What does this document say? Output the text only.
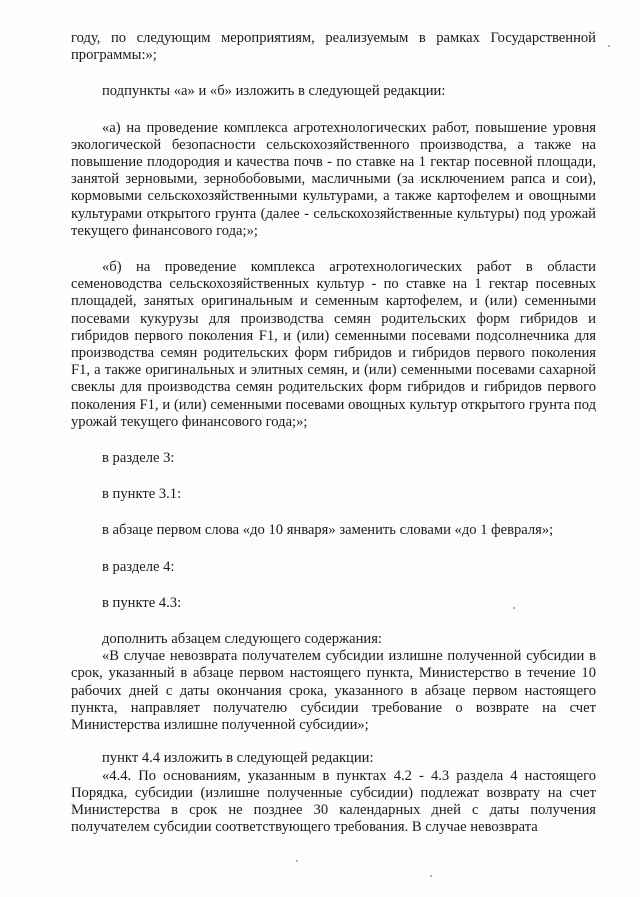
году, по следующим мероприятиям, реализуемым в рамках Государственной программы:»;

подпункты «а» и «б» изложить в следующей редакции:

«а) на проведение комплекса агротехнологических работ, повышение уровня экологической безопасности сельскохозяйственного производства, а также на повышение плодородия и качества почв - по ставке на 1 гектар посевной площади, занятой зерновыми, зернобобовыми, масличными (за исключением рапса и сои), кормовыми сельскохозяйственными культурами, а также картофелем и овощными культурами открытого грунта (далее - сельскохозяйственные культуры) под урожай текущего финансового года;»;

«б) на проведение комплекса агротехнологических работ в области семеноводства сельскохозяйственных культур - по ставке на 1 гектар посевных площадей, занятых оригинальным и семенным картофелем, и (или) семенными посевами кукурузы для производства семян родительских форм гибридов и гибридов первого поколения F1, и (или) семенными посевами подсолнечника для производства семян родительских форм гибридов и гибридов первого поколения F1, а также оригинальных и элитных семян, и (или) семенными посевами сахарной свеклы для производства семян родительских форм гибридов и гибридов первого поколения F1, и (или) семенными посевами овощных культур открытого грунта под урожай текущего финансового года;»;

в разделе 3:

в пункте 3.1:

в абзаце первом слова «до 10 января» заменить словами «до 1 февраля»;

в разделе 4:

в пункте 4.3:

дополнить абзацем следующего содержания:

«В случае невозврата получателем субсидии излишне полученной субсидии в срок, указанный в абзаце первом настоящего пункта, Министерство в течение 10 рабочих дней с даты окончания срока, указанного в абзаце первом настоящего пункта, направляет получателю субсидии требование о возврате на счет Министерства излишне полученной субсидии»;

пункт 4.4 изложить в следующей редакции:

«4.4. По основаниям, указанным в пунктах 4.2 - 4.3 раздела 4 настоящего Порядка, субсидии (излишне полученные субсидии) подлежат возврату на счет Министерства в срок не позднее 30 календарных дней с даты получения получателем субсидии соответствующего требования. В случае невозврата
